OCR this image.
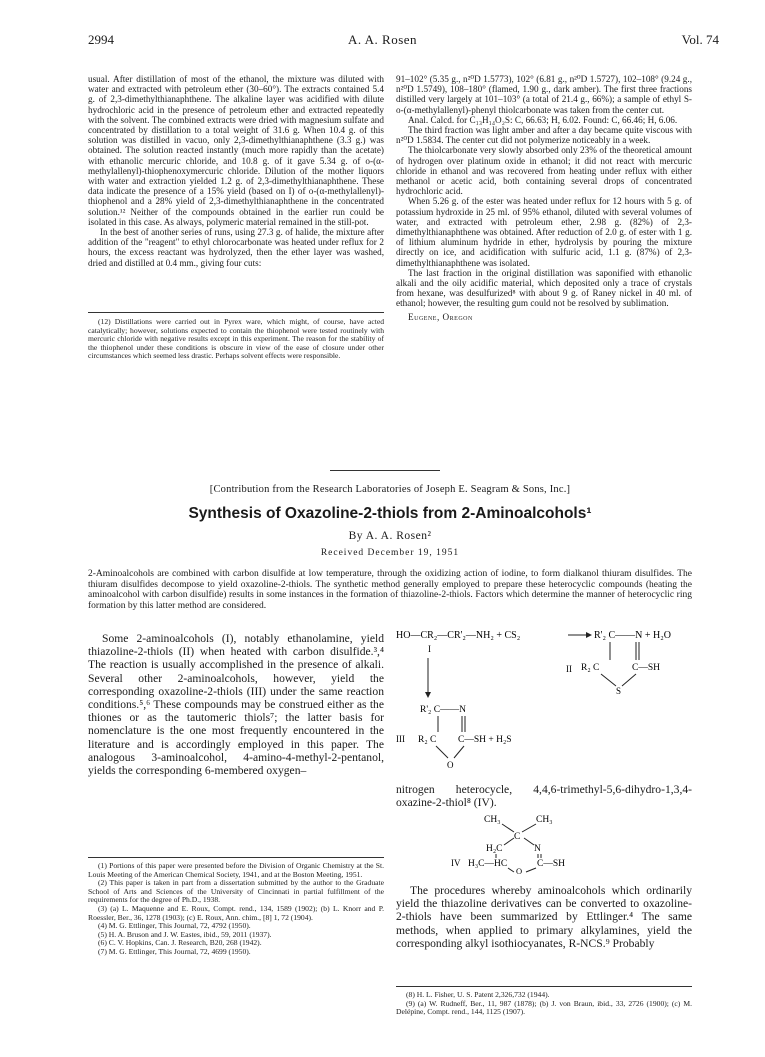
2994	A. A. Rosen	Vol. 74

usual. After distillation of most of the ethanol, the mixture was diluted with water and extracted with petroleum ether (30–60°). The extracts contained 5.4 g. of 2,3-dimethylthianaphthene. The alkaline layer was acidified with dilute hydrochloric acid in the presence of petroleum ether and extracted repeatedly with the solvent. The combined extracts were dried with magnesium sulfate and concentrated by distillation to a total weight of 31.6 g. When 10.4 g. of this solution was distilled in vacuo, only 2,3-dimethylthianaphthene (3.3 g.) was obtained. The solution reacted instantly (much more rapidly than the acetate) with ethanolic mercuric chloride, and 10.8 g. of it gave 5.34 g. of o-(α-methylallenyl)-thiophenoxymercuric chloride. Dilution of the mother liquors with water and extraction yielded 1.2 g. of 2,3-dimethylthianaphthene. These data indicate the presence of a 15% yield (based on I) of o-(α-methylallenyl)-thiophenol and a 28% yield of 2,3-dimethylthianaphthene in the concentrated solution.¹² Neither of the compounds obtained in the earlier run could be isolated in this case. As always, polymeric material remained in the still-pot.

In the best of another series of runs, using 27.3 g. of halide, the mixture after addition of the "reagent" to ethyl chlorocarbonate was heated under reflux for 2 hours, the excess reactant was hydrolyzed, then the ether layer was washed, dried and distilled at 0.4 mm., giving four cuts:

(12) Distillations were carried out in Pyrex ware, which might, of course, have acted catalytically; however, solutions expected to contain the thiophenol were tested routinely with mercuric chloride with negative results except in this experiment. The reason for the stability of the thiophenol under these conditions is obscure in view of the ease of closure under other circumstances which seemed less drastic. Perhaps solvent effects were responsible.

91–102° (5.35 g., n²⁰D 1.5773), 102° (6.81 g., n²⁰D 1.5727), 102–108° (9.24 g., n²⁰D 1.5749), 108–180° (flamed, 1.90 g., dark amber). The first three fractions distilled very largely at 101–103° (a total of 21.4 g., 66%); a sample of ethyl S-o-(α-methylallenyl)-phenyl thiolcarbonate was taken from the center cut.

Anal. Calcd. for C₁₃H₁₄O₂S: C, 66.63; H, 6.02. Found: C, 66.46; H, 6.06.

The third fraction was light amber and after a day became quite viscous with n²⁰D 1.5834. The center cut did not polymerize noticeably in a week.

The thiolcarbonate very slowly absorbed only 23% of the theoretical amount of hydrogen over platinum oxide in ethanol; it did not react with mercuric chloride in ethanol and was recovered from heating under reflux with either methanol or acetic acid, both containing several drops of concentrated hydrochloric acid.

When 5.26 g. of the ester was heated under reflux for 12 hours with 5 g. of potassium hydroxide in 25 ml. of 95% ethanol, diluted with several volumes of water, and extracted with petroleum ether, 2.98 g. (82%) of 2,3-dimethylthianaphthene was obtained. After reduction of 2.0 g. of ester with 1 g. of lithium aluminum hydride in ether, hydrolysis by pouring the mixture directly on ice, and acidification with sulfuric acid, 1.1 g. (87%) of 2,3-dimethylthianaphthene was isolated.

The last fraction in the original distillation was saponified with ethanolic alkali and the oily acidific material, which deposited only a trace of crystals from hexane, was desulfurized⁸ with about 9 g. of Raney nickel in 40 ml. of ethanol; however, the resulting gum could not be resolved by sublimation.

Eugene, Oregon

[Contribution from the Research Laboratories of Joseph E. Seagram & Sons, Inc.]
Synthesis of Oxazoline-2-thiols from 2-Aminoalcohols¹
By A. A. Rosen²
Received December 19, 1951
2-Aminoalcohols are combined with carbon disulfide at low temperature, through the oxidizing action of iodine, to form dialkanol thiuram disulfides. The thiuram disulfides decompose to yield oxazoline-2-thiols. The synthetic method generally employed to prepare these heterocyclic compounds (heating the aminoalcohol with carbon disulfide) results in some instances in the formation of thiazoline-2-thiols. Factors which determine the manner of heterocyclic ring formation by this latter method are considered.

Some 2-aminoalcohols (I), notably ethanolamine, yield thiazoline-2-thiols (II) when heated with carbon disulfide.³,⁴ The reaction is usually accomplished in the presence of alkali. Several other 2-aminoalcohols, however, yield the corresponding oxazoline-2-thiols (III) under the same reaction conditions.⁵,⁶ These compounds may be construed either as the thiones or as the tautomeric thiols⁷; the latter basis for nomenclature is the one most frequently encountered in the literature and is accordingly employed in this paper. The analogous 3-aminoalcohol, 4-amino-4-methyl-2-pentanol, yields the corresponding 6-membered oxygen–

(1) Portions of this paper were presented before the Division of Organic Chemistry at the St. Louis Meeting of the American Chemical Society, 1941, and at the Boston Meeting, 1951.

(2) This paper is taken in part from a dissertation submitted by the author to the Graduate School of Arts and Sciences of the University of Cincinnati in partial fulfillment of the requirements for the degree of Ph.D., 1938.

(3) (a) L. Maquenne and E. Roux, Compt. rend., 134, 1589 (1902); (b) L. Knorr and P. Roessler, Ber., 36, 1278 (1903); (c) E. Roux, Ann. chim., [8] 1, 72 (1904).

(4) M. G. Ettlinger, This Journal, 72, 4792 (1950).

(5) H. A. Bruson and J. W. Eastes, ibid., 59, 2011 (1937).

(6) C. V. Hopkins, Can. J. Research, B20, 268 (1942).

(7) M. G. Ettlinger, This Journal, 72, 4699 (1950).

HO—CR₂—CR'₂—NH₂ + CS₂	R'₂ C——N + H₂O
I
II R₂ C	C—SH
S
R'₂ C——N
III R₂ C C—SH + H₂S
O

nitrogen heterocycle, 4,4,6-trimethyl-5,6-dihydro-1,3,4-oxazine-2-thiol⁸ (IV).

CH₃	CH₃
C
H₂C	N
IV H₃C—HC	C—SH
O

The procedures whereby aminoalcohols which ordinarily yield the thiazoline derivatives can be converted to oxazoline-2-thiols have been summarized by Ettlinger.⁴ The same methods, when applied to primary alkylamines, yield the corresponding alkyl isothiocyanates, R-NCS.⁹ Probably

(8) H. L. Fisher, U. S. Patent 2,326,732 (1944).

(9) (a) W. Rudneff, Ber., 11, 987 (1878); (b) J. von Braun, ibid., 33, 2726 (1900); (c) M. Delépine, Compt. rend., 144, 1125 (1907).
